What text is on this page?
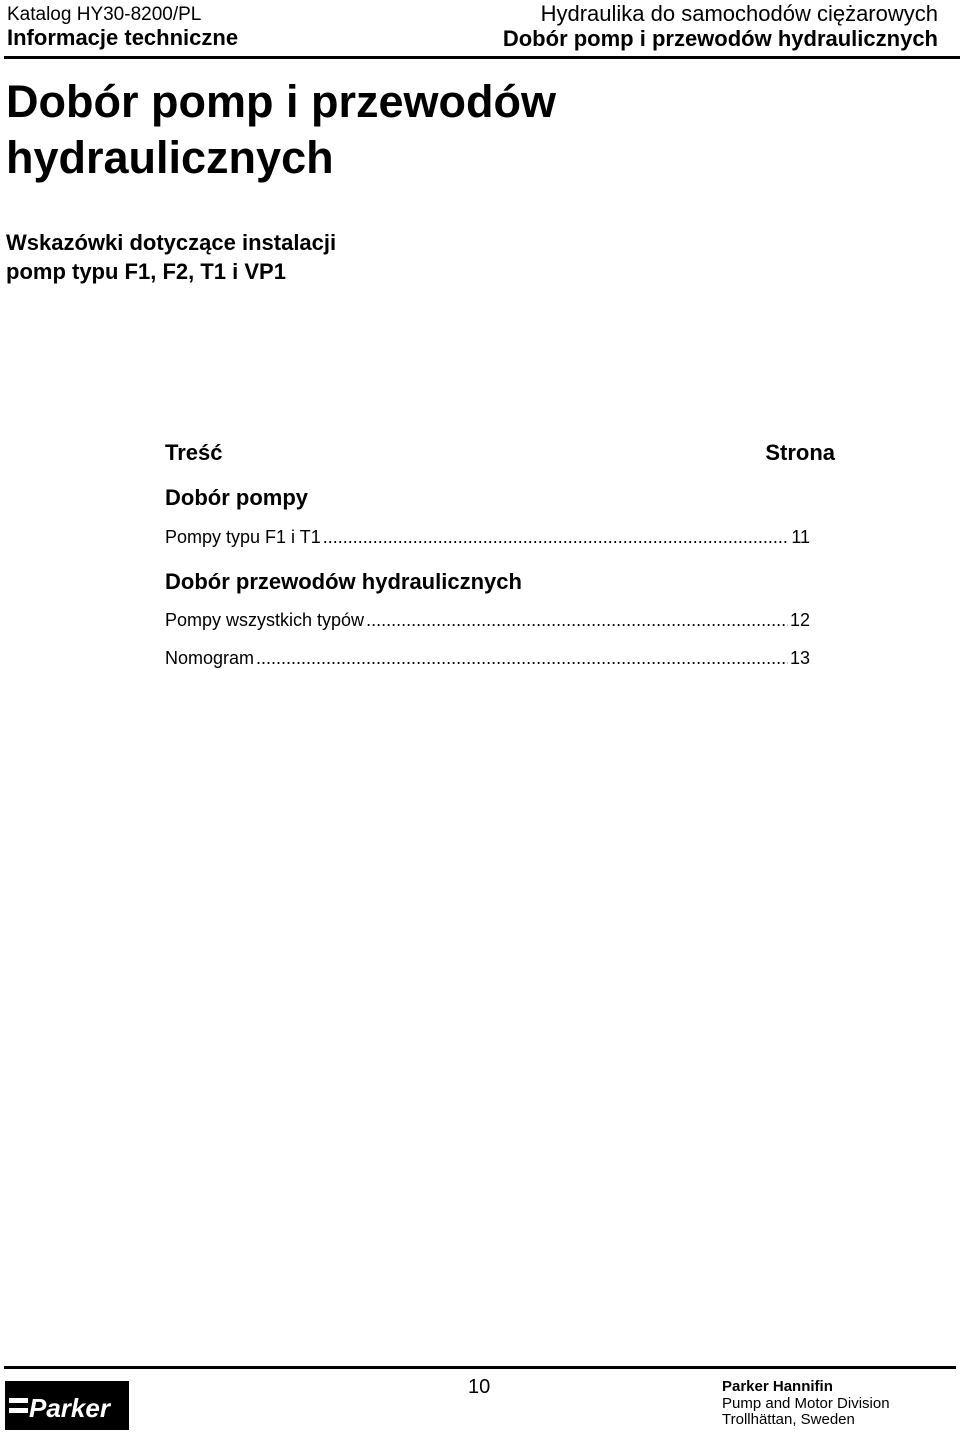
Katalog HY30-8200/PL
Informacje techniczne
Hydraulika do samochodów ciężarowych
Dobór pomp i przewodów hydraulicznych
Dobór pomp i przewodów
hydraulicznych
Wskazówki dotyczące instalacji
pomp typu F1, F2, T1 i VP1
Treść	Strona
Dobór pompy
Pompy typu F1 i T1 .....	11
Dobór przewodów hydraulicznych
Pompy wszystkich typów .....	12
Nomogram .....	13
Parker
10	Parker Hannifin
Pump and Motor Division
Trollhättan, Sweden
